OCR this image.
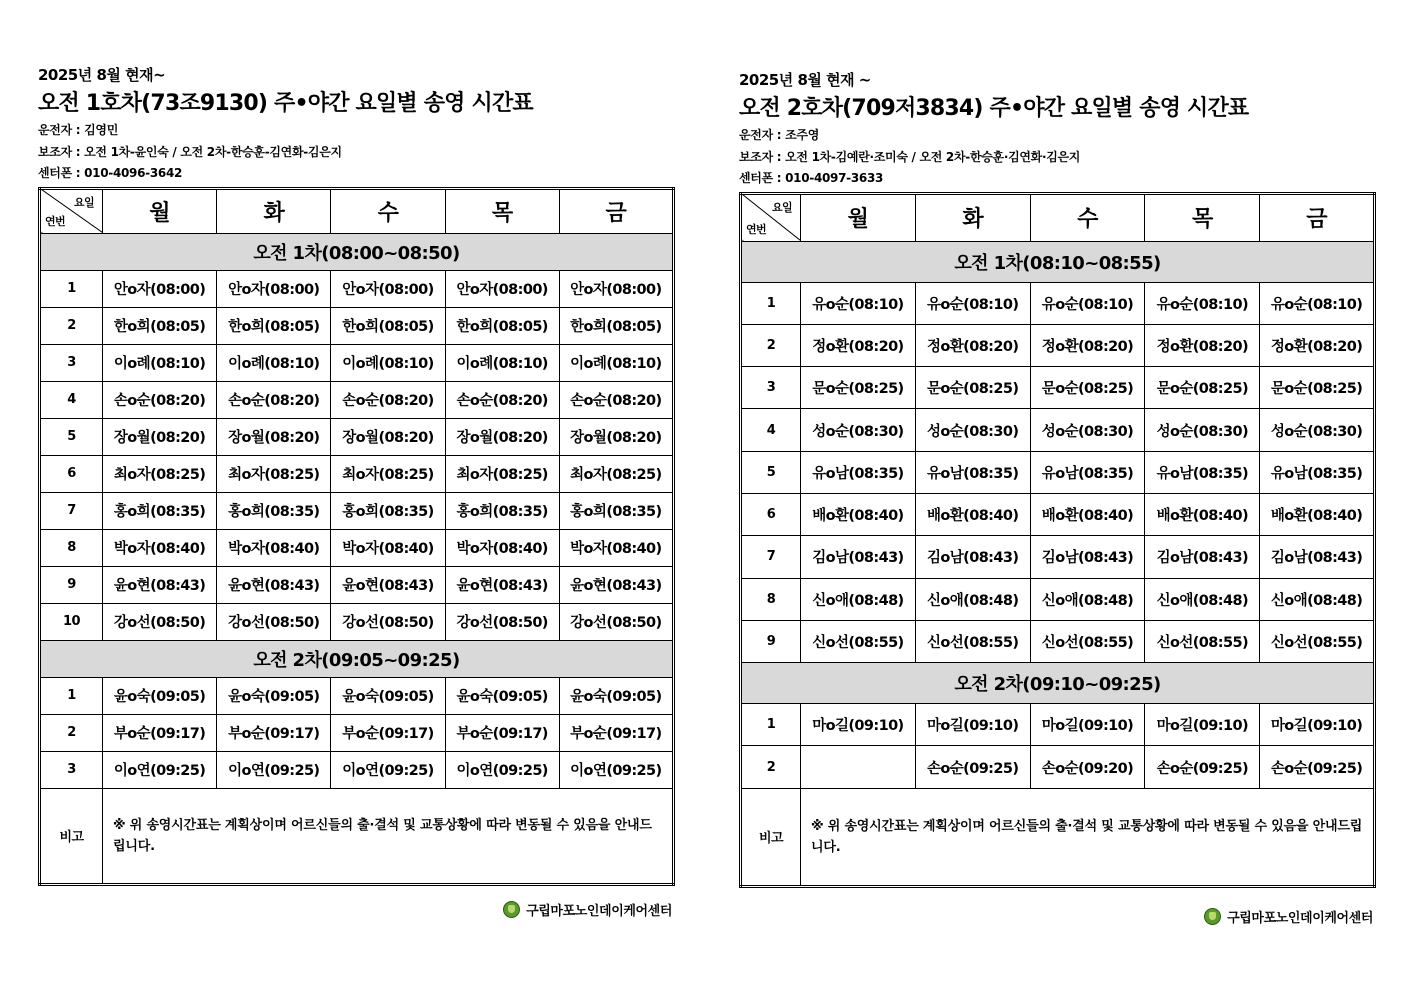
2025년 8월 현재~
오전 1호차(73조9130) 주•야간 요일별 송영 시간표
운전자 : 김영민
보조자 : 오전 1차-윤인숙 / 오전 2차-한승훈-김연화-김은지
센터폰 : 010-4096-3642
요일
연번	월	화	수	목	금
오전 1차(08:00~08:50)					
1	안o자(08:00)	안o자(08:00)	안o자(08:00)	안o자(08:00)	안o자(08:00)
2	한o희(08:05)	한o희(08:05)	한o희(08:05)	한o희(08:05)	한o희(08:05)
3	이o례(08:10)	이o례(08:10)	이o례(08:10)	이o례(08:10)	이o례(08:10)
4	손o순(08:20)	손o순(08:20)	손o순(08:20)	손o순(08:20)	손o순(08:20)
5	장o월(08:20)	장o월(08:20)	장o월(08:20)	장o월(08:20)	장o월(08:20)
6	최o자(08:25)	최o자(08:25)	최o자(08:25)	최o자(08:25)	최o자(08:25)
7	홍o희(08:35)	홍o희(08:35)	홍o희(08:35)	홍o희(08:35)	홍o희(08:35)
8	박o자(08:40)	박o자(08:40)	박o자(08:40)	박o자(08:40)	박o자(08:40)
9	윤o현(08:43)	윤o현(08:43)	윤o현(08:43)	윤o현(08:43)	윤o현(08:43)
10	강o선(08:50)	강o선(08:50)	강o선(08:50)	강o선(08:50)	강o선(08:50)
오전 2차(09:05~09:25)					
1	윤o숙(09:05)	윤o숙(09:05)	윤o숙(09:05)	윤o숙(09:05)	윤o숙(09:05)
2	부o순(09:17)	부o순(09:17)	부o순(09:17)	부o순(09:17)	부o순(09:17)
3	이o연(09:25)	이o연(09:25)	이o연(09:25)	이o연(09:25)	이o연(09:25)
비고	※ 위 송영시간표는 계획상이며 어르신들의 출·결석 및 교통상황에 따라 변동될 수 있음을 안내드립니다.				
구립마포노인데이케어센터
2025년 8월 현재 ~
오전 2호차(709저3834) 주•야간 요일별 송영 시간표
운전자 : 조주영
보조자 : 오전 1차-김예란·조미숙 / 오전 2차-한승훈·김연화·김은지
센터폰 : 010-4097-3633
요일
연번	월	화	수	목	금
오전 1차(08:10~08:55)					
1	유o순(08:10)	유o순(08:10)	유o순(08:10)	유o순(08:10)	유o순(08:10)
2	정o환(08:20)	정o환(08:20)	정o환(08:20)	정o환(08:20)	정o환(08:20)
3	문o순(08:25)	문o순(08:25)	문o순(08:25)	문o순(08:25)	문o순(08:25)
4	성o순(08:30)	성o순(08:30)	성o순(08:30)	성o순(08:30)	성o순(08:30)
5	유o남(08:35)	유o남(08:35)	유o남(08:35)	유o남(08:35)	유o남(08:35)
6	배o환(08:40)	배o환(08:40)	배o환(08:40)	배o환(08:40)	배o환(08:40)
7	김o남(08:43)	김o남(08:43)	김o남(08:43)	김o남(08:43)	김o남(08:43)
8	신o애(08:48)	신o애(08:48)	신o애(08:48)	신o애(08:48)	신o애(08:48)
9	신o선(08:55)	신o선(08:55)	신o선(08:55)	신o선(08:55)	신o선(08:55)
오전 2차(09:10~09:25)					
1	마o길(09:10)	마o길(09:10)	마o길(09:10)	마o길(09:10)	마o길(09:10)
2		손o순(09:25)	손o순(09:20)	손o순(09:25)	손o순(09:25)
비고	※ 위 송영시간표는 계획상이며 어르신들의 출·결석 및 교통상황에 따라 변동될 수 있음을 안내드립니다.				
구립마포노인데이케어센터
